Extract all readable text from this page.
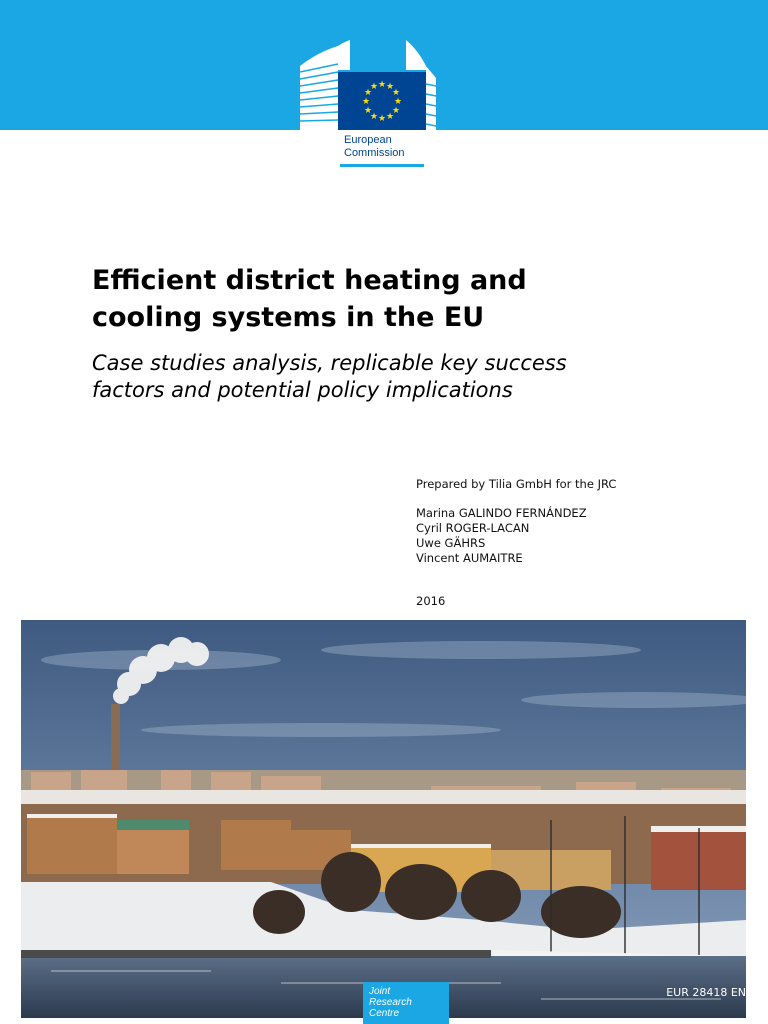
★ ★
★
★
★
★
★
★
★
★
★
★
European
Commission
Efficient district heating and
cooling systems in the EU
Case studies analysis, replicable key success
factors and potential policy implications
Prepared by Tilia GmbH for the JRC
Marina GALINDO FERNÁNDEZ
Cyril ROGER-LACAN
Uwe GÄHRS
Vincent AUMAITRE
2016
Joint
Research
Centre
EUR 28418 EN
